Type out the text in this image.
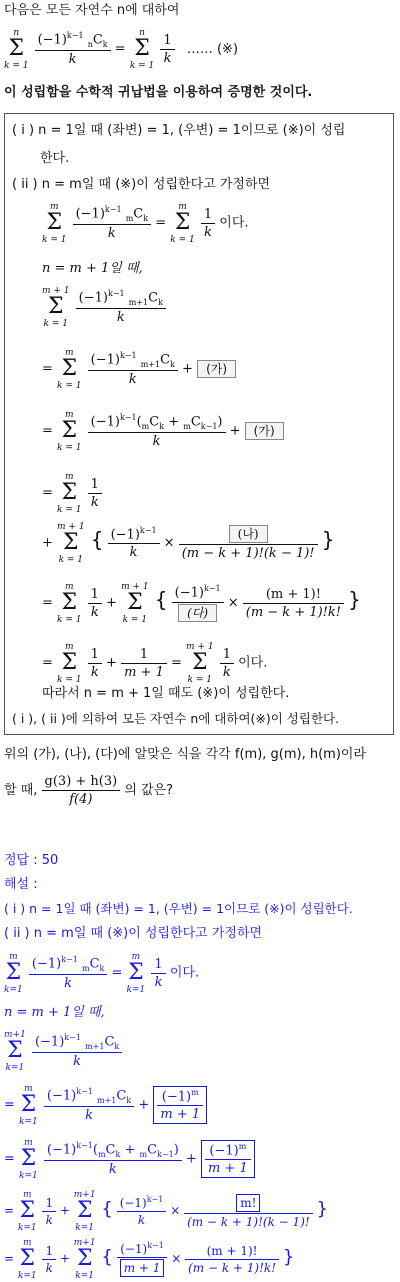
다음은 모든 자연수 n에 대하여
n
Σ
$k = 1 \frac{(-1)^{k-1} _nC_k}{k} = n$
Σ
k = 1
$\frac{1}{k}$ …… (※)
이 성립함을 수학적 귀납법을 이용하여 증명한 것이다.
( i ) n = 1일 때 (좌변) = 1, (우변) = 1이므로 (※)이 성립
한다.
( ii ) n = m일 때 (※)이 성립한다고 가정하면
m
Σ
$k = 1 \frac{(-1)^{k-1} _mC_k}{k} = m$
Σ
k = 1
$\frac{1}{k}$ 이다.
n = m + 1일 때,
m + 1
Σ
$k = 1 \frac{(-1)^{k-1} _{m+1}C_k}{k}$
= m
Σ
$k = 1 \frac{(-1)^{k-1} _{m+1}C_k}{k}$ + (가)
= m
Σ
$k = 1 \frac{(-1)^{k-1}(_mC_k + _mC_{k-1})}{k}$ + (가)
= m
Σ
k = 1
$\frac{1}{k}$
+ m + 1
Σ
k = 1 { $\frac{(-1)^{k-1}}{k} \times \frac{\text{(나)}}{(m - k + 1)!(k - 1)!}$ }
= m
Σ
k = 1
$\frac{1}{k} + m + 1$
Σ
k = 1 { $\frac{(-1)^{k-1}}{\text{(다)}} \times \frac{(m + 1)!}{(m - k + 1)!k!}$ }
= m
Σ
k = 1
$\frac{1}{k} + \frac{1}{m + 1} = m + 1$
Σ
k = 1
$\frac{1}{k}$ 이다.
따라서 n = m + 1일 때도 (※)이 성립한다.
( i ), ( ii )에 의하여 모든 자연수 n에 대하여(※)이 성립한다.
위의 (가), (나), (다)에 알맞은 식을 각각 f(m), g(m), h(m)이라
할 때, $\frac{g(3) + h(3)}{f(4)}$ 의 값은?
정답 : 50
해설 :
( i ) n = 1일 때 (좌변) = 1, (우변) = 1이므로 (※)이 성립한다.
( ii ) n = m일 때 (※)이 성립한다고 가정하면
m
Σ
$k=1 \frac{(-1)^{k-1} _mC_k}{k} = m$
Σ
k=1
$\frac{1}{k}$ 이다.
n = m + 1일 때,
m+1
Σ
$k=1 \frac{(-1)^{k-1} _{m+1}C_k}{k}$
= m
Σ
$k=1 \frac{(-1)^{k-1} _{m+1}C_k}{k} + \frac{(-1)^m}{m + 1}$
= m
Σ
$k=1 \frac{(-1)^{k-1}(_mC_k + _mC_{k-1})}{k} + \frac{(-1)^m}{m + 1}$
= m
Σ
k=1
$\frac{1}{k} + m+1$
Σ
k=1 { $\frac{(-1)^{k-1}}{k} \times \frac{m!}{(m - k + 1)!(k - 1)!}$ }
= m
Σ
k=1
$\frac{1}{k} + m+1$
Σ
k=1 { $\frac{(-1)^{k-1}}{m + 1} \times \frac{(m + 1)!}{(m - k + 1)!k!}$ }
